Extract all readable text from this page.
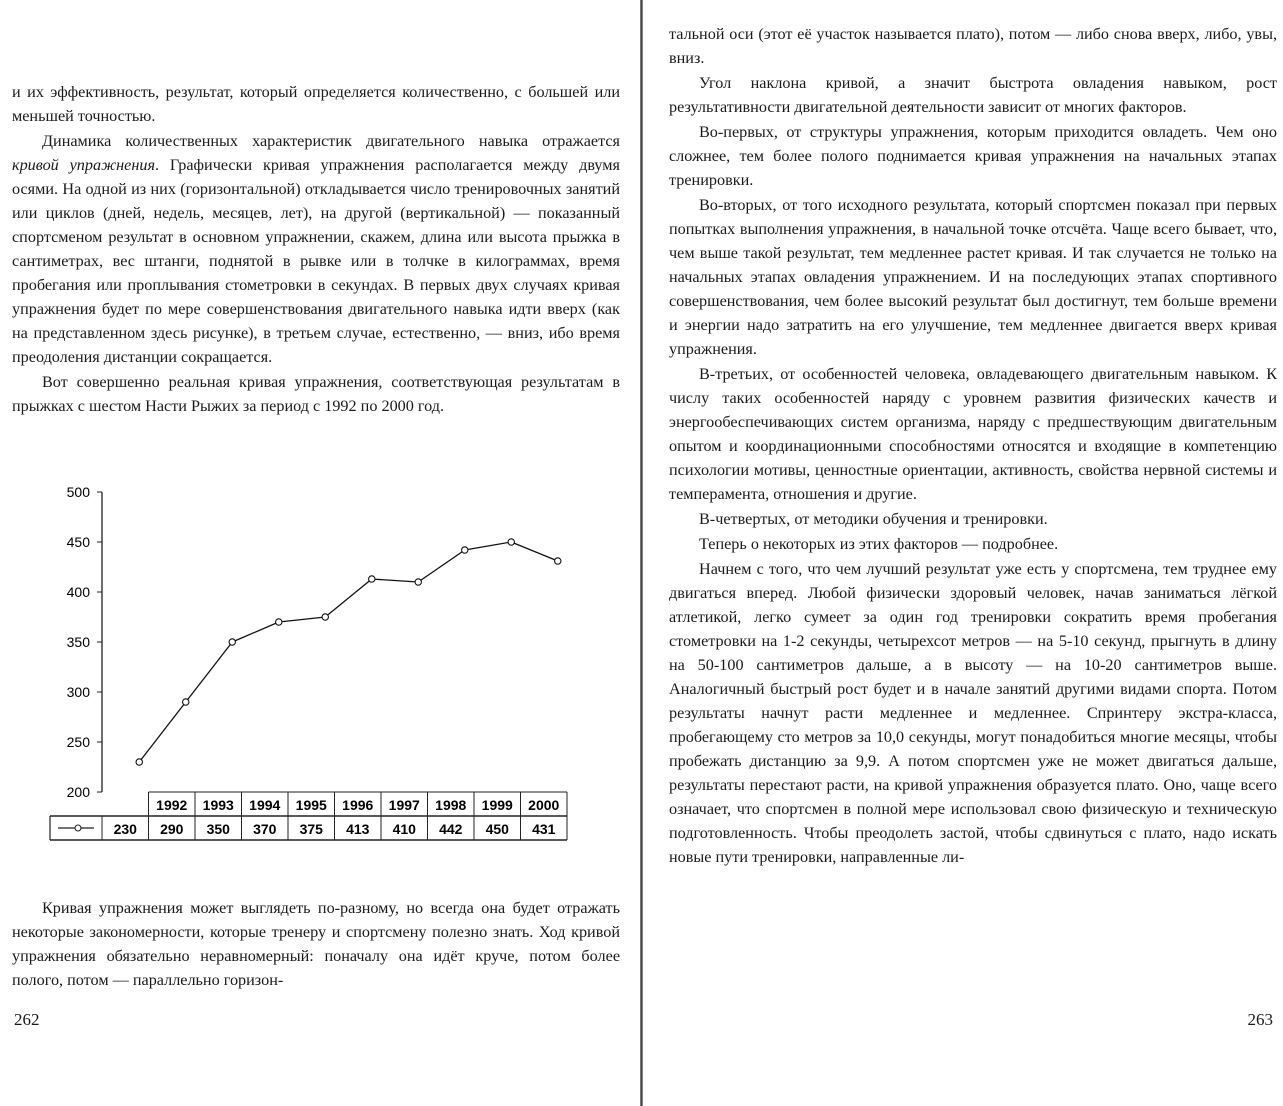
и их эффективность, результат, который определяется количественно, с большей или меньшей точностью.

Динамика количественных характеристик двигательного навыка отражается кривой упражнения. Графически кривая упражнения располагается между двумя осями. На одной из них (горизонтальной) откладывается число тренировочных занятий или циклов (дней, недель, месяцев, лет), на другой (вертикальной) — показанный спортсменом результат в основном упражнении, скажем, длина или высота прыжка в сантиметрах, вес штанги, поднятой в рывке или в толчке в килограммах, время пробегания или проплывания стометровки в секундах. В первых двух случаях кривая упражнения будет по мере совершенствования двигательного навыка идти вверх (как на представленном здесь рисунке), в третьем случае, естественно, — вниз, ибо время преодоления дистанции сокращается.

Вот совершенно реальная кривая упражнения, соответствующая результатам в прыжках с шестом Насти Рыжих за период с 1992 по 2000 год.

500
450
400
350
300
250
200
1992 1993 1994 1995 1996 1997 1998 1999 2000
230 290 350 370 375 413 410 442 450 431

Кривая упражнения может выглядеть по-разному, но всегда она будет отражать некоторые закономерности, которые тренеру и спортсмену полезно знать. Ход кривой упражнения обязательно неравномерный: поначалу она идёт круче, потом более полого, потом — параллельно горизон-

262

тальной оси (этот её участок называется плато), потом — либо снова вверх, либо, увы, вниз.

Угол наклона кривой, а значит быстрота овладения навыком, рост результативности двигательной деятельности зависит от многих факторов.

Во-первых, от структуры упражнения, которым приходится овладеть. Чем оно сложнее, тем более полого поднимается кривая упражнения на начальных этапах тренировки.

Во-вторых, от того исходного результата, который спортсмен показал при первых попытках выполнения упражнения, в начальной точке отсчёта. Чаще всего бывает, что, чем выше такой результат, тем медленнее растет кривая. И так случается не только на начальных этапах овладения упражнением. И на последующих этапах спортивного совершенствования, чем более высокий результат был достигнут, тем больше времени и энергии надо затратить на его улучшение, тем медленнее двигается вверх кривая упражнения.

В-третьих, от особенностей человека, овладевающего двигательным навыком. К числу таких особенностей наряду с уровнем развития физических качеств и энергообеспечивающих систем организма, наряду с предшествующим двигательным опытом и координационными способностями относятся и входящие в компетенцию психологии мотивы, ценностные ориентации, активность, свойства нервной системы и темперамента, отношения и другие.

В-четвертых, от методики обучения и тренировки.

Теперь о некоторых из этих факторов — подробнее.

Начнем с того, что чем лучший результат уже есть у спортсмена, тем труднее ему двигаться вперед. Любой физически здоровый человек, начав заниматься лёгкой атлетикой, легко сумеет за один год тренировки сократить время пробегания стометровки на 1-2 секунды, четырехсот метров — на 5-10 секунд, прыгнуть в длину на 50-100 сантиметров дальше, а в высоту — на 10-20 сантиметров выше. Аналогичный быстрый рост будет и в начале занятий другими видами спорта. Потом результаты начнут расти медленнее и медленнее. Спринтеру экстра-класса, пробегающему сто метров за 10,0 секунды, могут понадобиться многие месяцы, чтобы пробежать дистанцию за 9,9. А потом спортсмен уже не может двигаться дальше, результаты перестают расти, на кривой упражнения образуется плато. Оно, чаще всего означает, что спортсмен в полной мере использовал свою физическую и техническую подготовленность. Чтобы преодолеть застой, чтобы сдвинуться с плато, надо искать новые пути тренировки, направленные ли-

263
